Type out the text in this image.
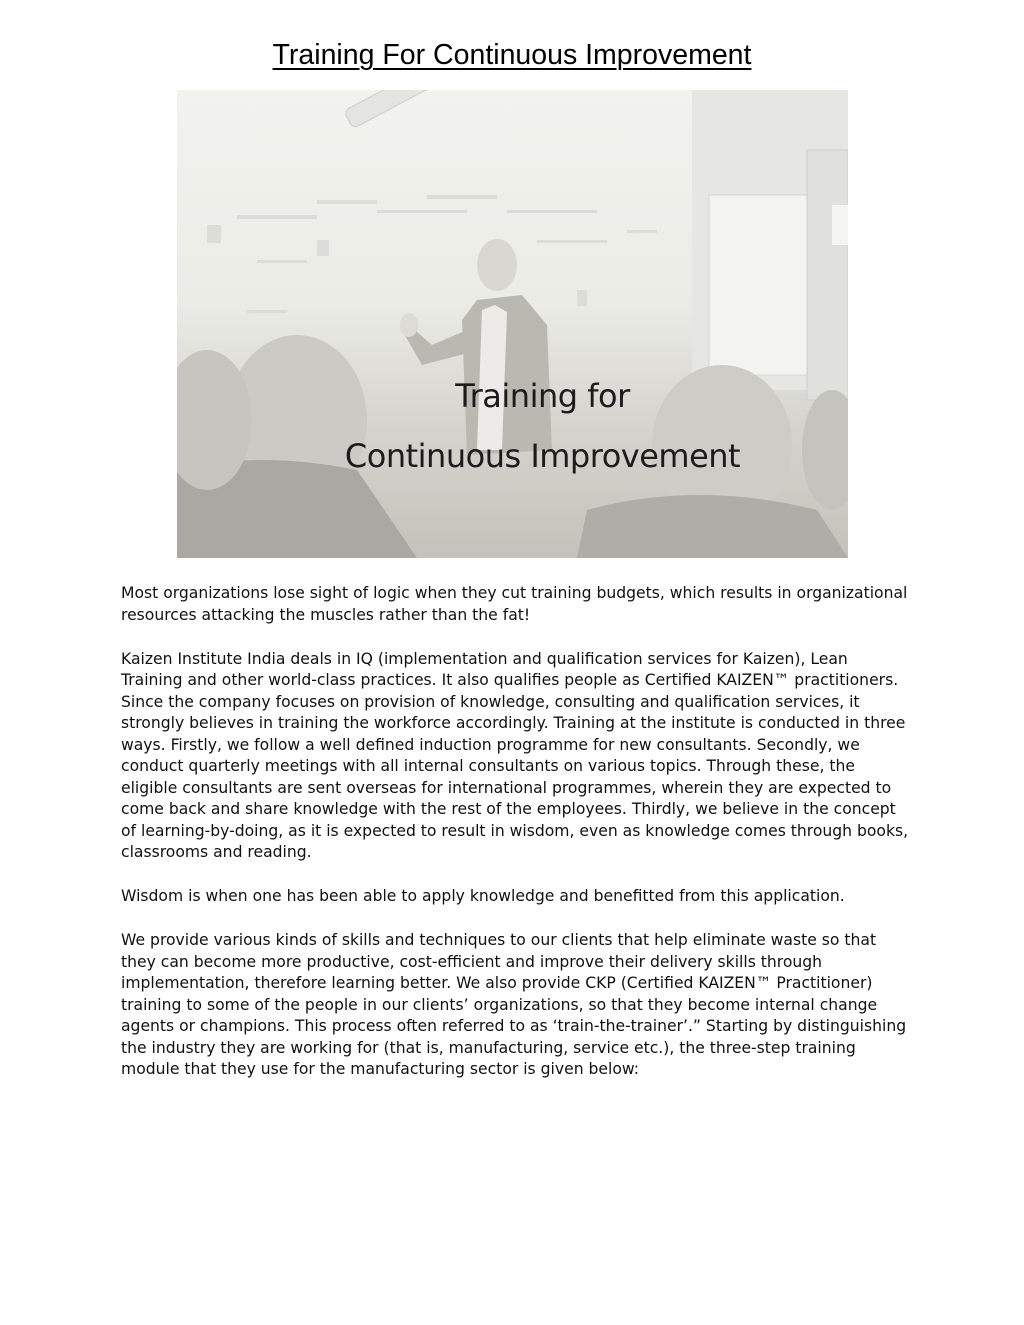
Training For Continuous Improvement
Training for
Continuous Improvement

Most organizations lose sight of logic when they cut training budgets, which results in organizational resources attacking the muscles rather than the fat!

Kaizen Institute India deals in IQ (implementation and qualification services for Kaizen), Lean Training and other world-class practices. It also qualifies people as Certified KAIZEN™ practitioners. Since the company focuses on provision of knowledge, consulting and qualification services, it strongly believes in training the workforce accordingly. Training at the institute is conducted in three ways. Firstly, we follow a well defined induction programme for new consultants. Secondly, we conduct quarterly meetings with all internal consultants on various topics. Through these, the eligible consultants are sent overseas for international programmes, wherein they are expected to come back and share knowledge with the rest of the employees. Thirdly, we believe in the concept of learning-by-doing, as it is expected to result in wisdom, even as knowledge comes through books, classrooms and reading.

Wisdom is when one has been able to apply knowledge and benefitted from this application.

We provide various kinds of skills and techniques to our clients that help eliminate waste so that they can become more productive, cost-efficient and improve their delivery skills through implementation, therefore learning better. We also provide CKP (Certified KAIZEN™ Practitioner) training to some of the people in our clients’ organizations, so that they become internal change agents or champions. This process often referred to as ‘train-the-trainer’.” Starting by distinguishing the industry they are working for (that is, manufacturing, service etc.), the three-step training module that they use for the manufacturing sector is given below:
